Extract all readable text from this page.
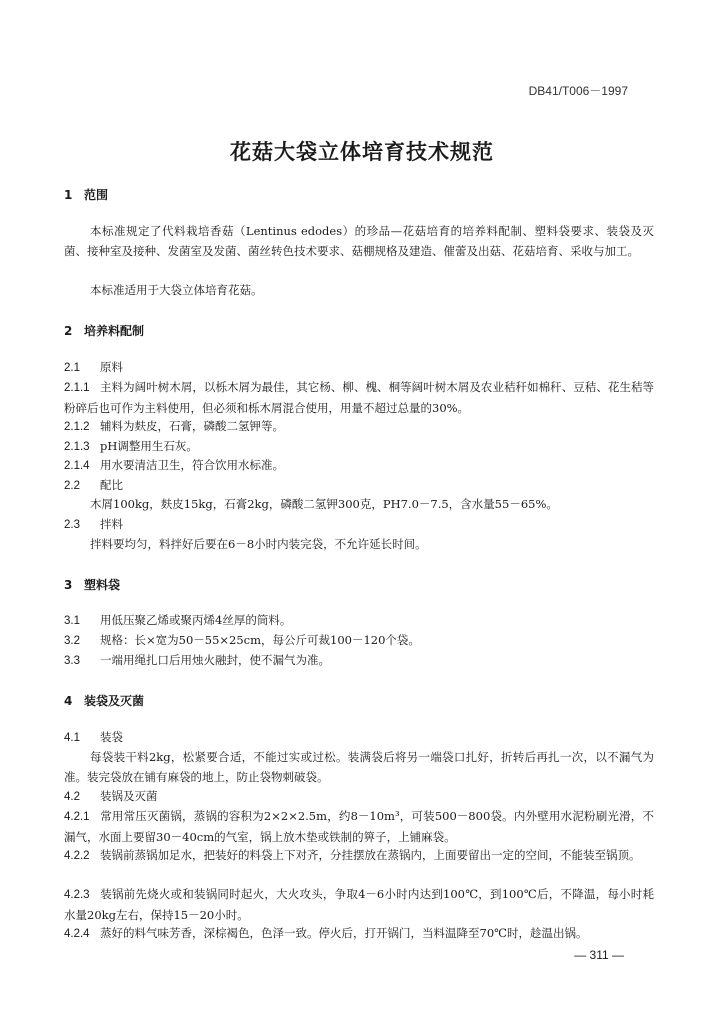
DB41/T006－1997
花菇大袋立体培育技术规范
1 范围
本标准规定了代料栽培香菇（Lentinus edodes）的珍品—花菇培育的培养料配制、塑料袋要求、装袋及灭菌、接种室及接种、发菌室及发菌、菌丝转色技术要求、菇棚规格及建造、催蕾及出菇、花菇培育、采收与加工。
本标准适用于大袋立体培育花菇。
2 培养料配制
2.1 原料
2.1.1 主料为阔叶树木屑，以栎木屑为最佳，其它杨、柳、槐、桐等阔叶树木屑及农业秸秆如棉秆、豆秸、花生秸等粉碎后也可作为主料使用，但必须和栎木屑混合使用，用量不超过总量的30%。
2.1.2 辅料为麸皮，石膏，磷酸二氢钾等。
2.1.3 pH调整用生石灰。
2.1.4 用水要清洁卫生，符合饮用水标准。
2.2 配比
木屑100kg，麸皮15kg，石膏2kg，磷酸二氢钾300克，PH7.0－7.5，含水量55－65%。
2.3 拌料
拌料要均匀，料拌好后要在6－8小时内装完袋，不允许延长时间。
3 塑料袋
3.1 用低压聚乙烯或聚丙烯4丝厚的筒料。
3.2 规格：长×宽为50－55×25cm，每公斤可裁100－120个袋。
3.3 一端用绳扎口后用烛火融封，使不漏气为准。
4 装袋及灭菌
4.1 装袋
每袋装干料2kg，松紧要合适，不能过实或过松。装满袋后将另一端袋口扎好，折转后再扎一次，以不漏气为准。装完袋放在铺有麻袋的地上，防止袋物刺破袋。
4.2 装锅及灭菌
4.2.1 常用常压灭菌锅，蒸锅的容积为2×2×2.5m，约8－10m³，可装500－800袋。内外壁用水泥粉刷光滑，不漏气，水面上要留30－40cm的气室，锅上放木垫或铁制的箅子，上铺麻袋。
4.2.2 装锅前蒸锅加足水，把装好的料袋上下对齐，分挂摆放在蒸锅内，上面要留出一定的空间，不能装至锅顶。
4.2.3 装锅前先烧火或和装锅同时起火，大火攻头，争取4－6小时内达到100℃，到100℃后，不降温，每小时耗水量20kg左右，保持15－20小时。
4.2.4 蒸好的料气味芳香，深棕褐色，色泽一致。停火后，打开锅门，当料温降至70℃时，趁温出锅。
— 311 —
